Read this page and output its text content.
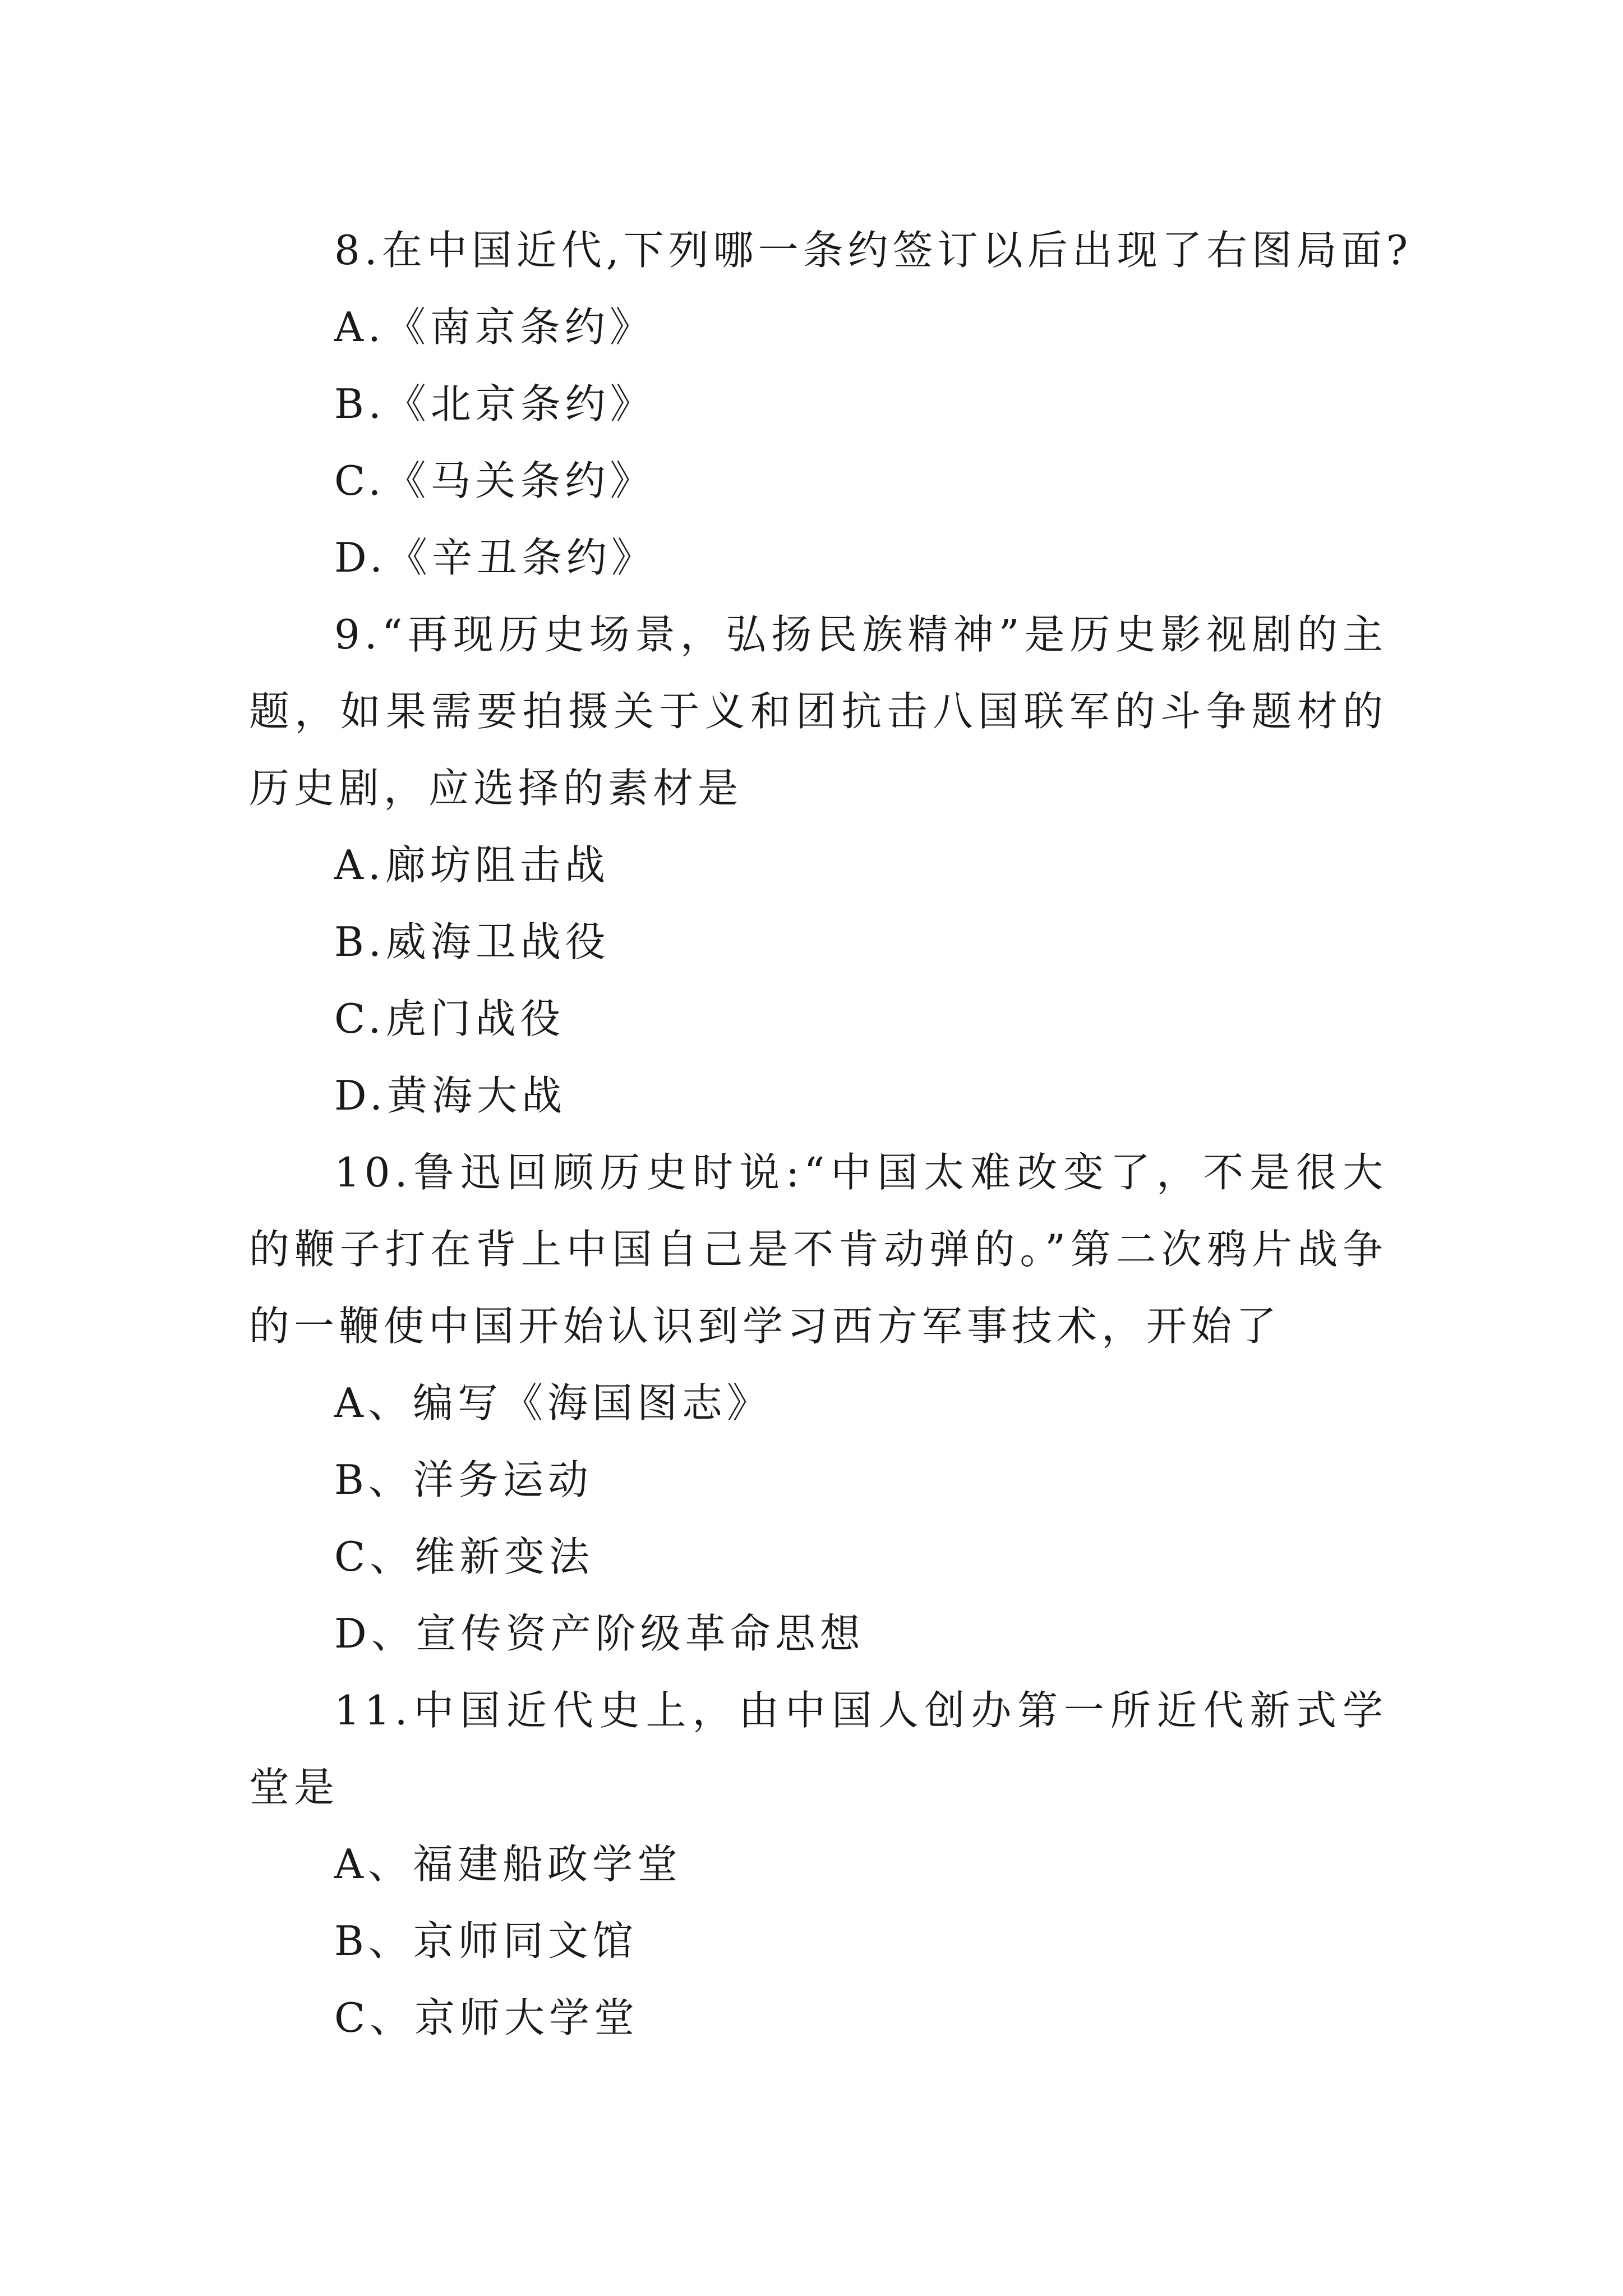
8.在中国近代,下列哪一条约签订以后出现了右图局面?
A.《南京条约》
B.《北京条约》
C.《马关条约》
D.《辛丑条约》
9.“再现历史场景，弘扬民族精神”是历史影视剧的主题，如果需要拍摄关于义和团抗击八国联军的斗争题材的历史剧，应选择的素材是
A.廊坊阻击战
B.威海卫战役
C.虎门战役
D.黄海大战
10.鲁迅回顾历史时说:“中国太难改变了，不是很大的鞭子打在背上中国自己是不肯动弹的。”第二次鸦片战争的一鞭使中国开始认识到学习西方军事技术，开始了
A、编写《海国图志》
B、洋务运动
C、维新变法
D、宣传资产阶级革命思想
11.中国近代史上，由中国人创办第一所近代新式学堂是
A、福建船政学堂
B、京师同文馆
C、京师大学堂
